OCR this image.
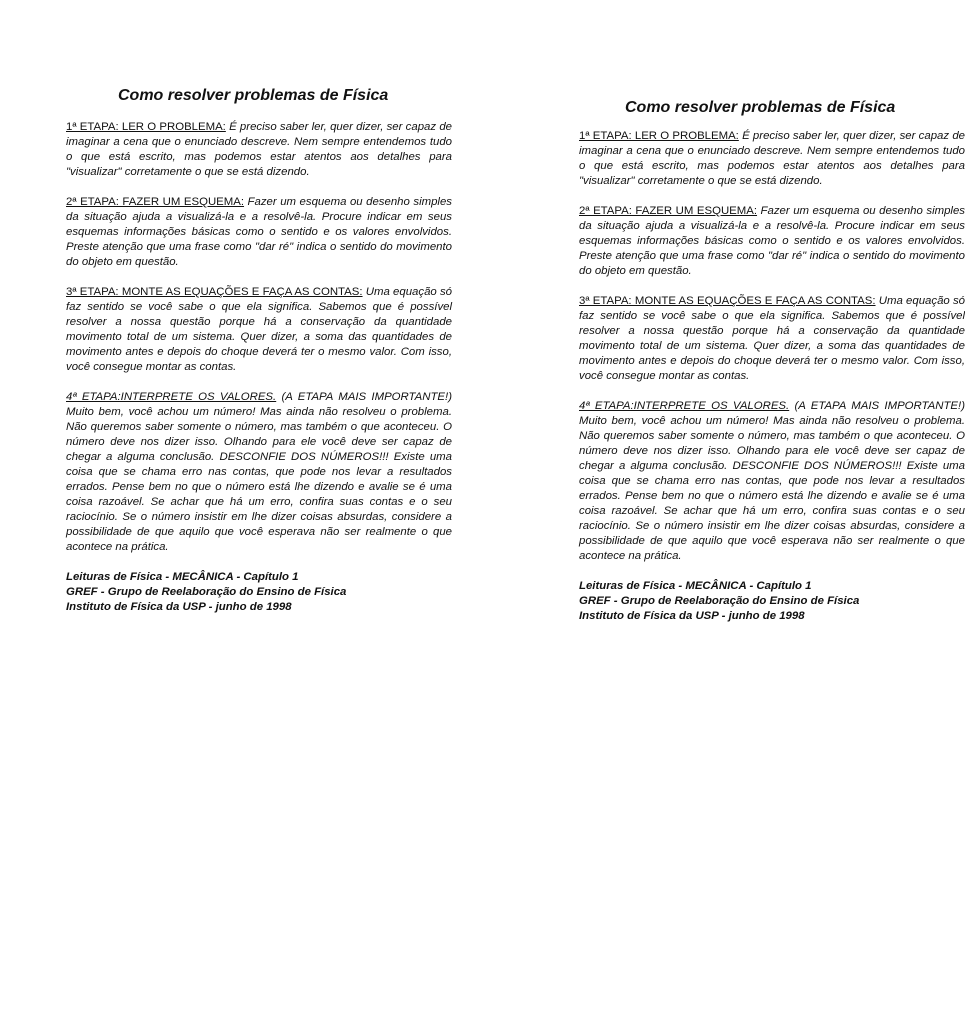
Como resolver problemas de Física
1ª ETAPA: LER O PROBLEMA: É preciso saber ler, quer dizer, ser capaz de imaginar a cena que o enunciado descreve. Nem sempre entendemos tudo o que está escrito, mas podemos estar atentos aos detalhes para "visualizar" corretamente o que se está dizendo.
2ª ETAPA: FAZER UM ESQUEMA: Fazer um esquema ou desenho simples da situação ajuda a visualizá-la e a resolvê-la. Procure indicar em seus esquemas informações básicas como o sentido e os valores envolvidos. Preste atenção que uma frase como "dar ré" indica o sentido do movimento do objeto em questão.
3ª ETAPA: MONTE AS EQUAÇÕES E FAÇA AS CONTAS: Uma equação só faz sentido se você sabe o que ela significa. Sabemos que é possível resolver a nossa questão porque há a conservação da quantidade movimento total de um sistema. Quer dizer, a soma das quantidades de movimento antes e depois do choque deverá ter o mesmo valor. Com isso, você consegue montar as contas.
4ª ETAPA:INTERPRETE OS VALORES. (A ETAPA MAIS IMPORTANTE!) Muito bem, você achou um número! Mas ainda não resolveu o problema. Não queremos saber somente o número, mas também o que aconteceu. O número deve nos dizer isso. Olhando para ele você deve ser capaz de chegar a alguma conclusão. DESCONFIE DOS NÚMEROS!!! Existe uma coisa que se chama erro nas contas, que pode nos levar a resultados errados. Pense bem no que o número está lhe dizendo e avalie se é uma coisa razoável. Se achar que há um erro, confira suas contas e o seu raciocínio. Se o número insistir em lhe dizer coisas absurdas, considere a possibilidade de que aquilo que você esperava não ser realmente o que acontece na prática.
Leituras de Física - MECÂNICA - Capítulo 1
GREF - Grupo de Reelaboração do Ensino de Física
Instituto de Física da USP - junho de 1998
Como resolver problemas de Física
1ª ETAPA: LER O PROBLEMA: É preciso saber ler, quer dizer, ser capaz de imaginar a cena que o enunciado descreve. Nem sempre entendemos tudo o que está escrito, mas podemos estar atentos aos detalhes para "visualizar" corretamente o que se está dizendo.
2ª ETAPA: FAZER UM ESQUEMA: Fazer um esquema ou desenho simples da situação ajuda a visualizá-la e a resolvê-la. Procure indicar em seus esquemas informações básicas como o sentido e os valores envolvidos. Preste atenção que uma frase como "dar ré" indica o sentido do movimento do objeto em questão.
3ª ETAPA: MONTE AS EQUAÇÕES E FAÇA AS CONTAS: Uma equação só faz sentido se você sabe o que ela significa. Sabemos que é possível resolver a nossa questão porque há a conservação da quantidade movimento total de um sistema. Quer dizer, a soma das quantidades de movimento antes e depois do choque deverá ter o mesmo valor. Com isso, você consegue montar as contas.
4ª ETAPA:INTERPRETE OS VALORES. (A ETAPA MAIS IMPORTANTE!) Muito bem, você achou um número! Mas ainda não resolveu o problema. Não queremos saber somente o número, mas também o que aconteceu. O número deve nos dizer isso. Olhando para ele você deve ser capaz de chegar a alguma conclusão. DESCONFIE DOS NÚMEROS!!! Existe uma coisa que se chama erro nas contas, que pode nos levar a resultados errados. Pense bem no que o número está lhe dizendo e avalie se é uma coisa razoável. Se achar que há um erro, confira suas contas e o seu raciocínio. Se o número insistir em lhe dizer coisas absurdas, considere a possibilidade de que aquilo que você esperava não ser realmente o que acontece na prática.
Leituras de Física - MECÂNICA - Capítulo 1
GREF - Grupo de Reelaboração do Ensino de Física
Instituto de Física da USP - junho de 1998
